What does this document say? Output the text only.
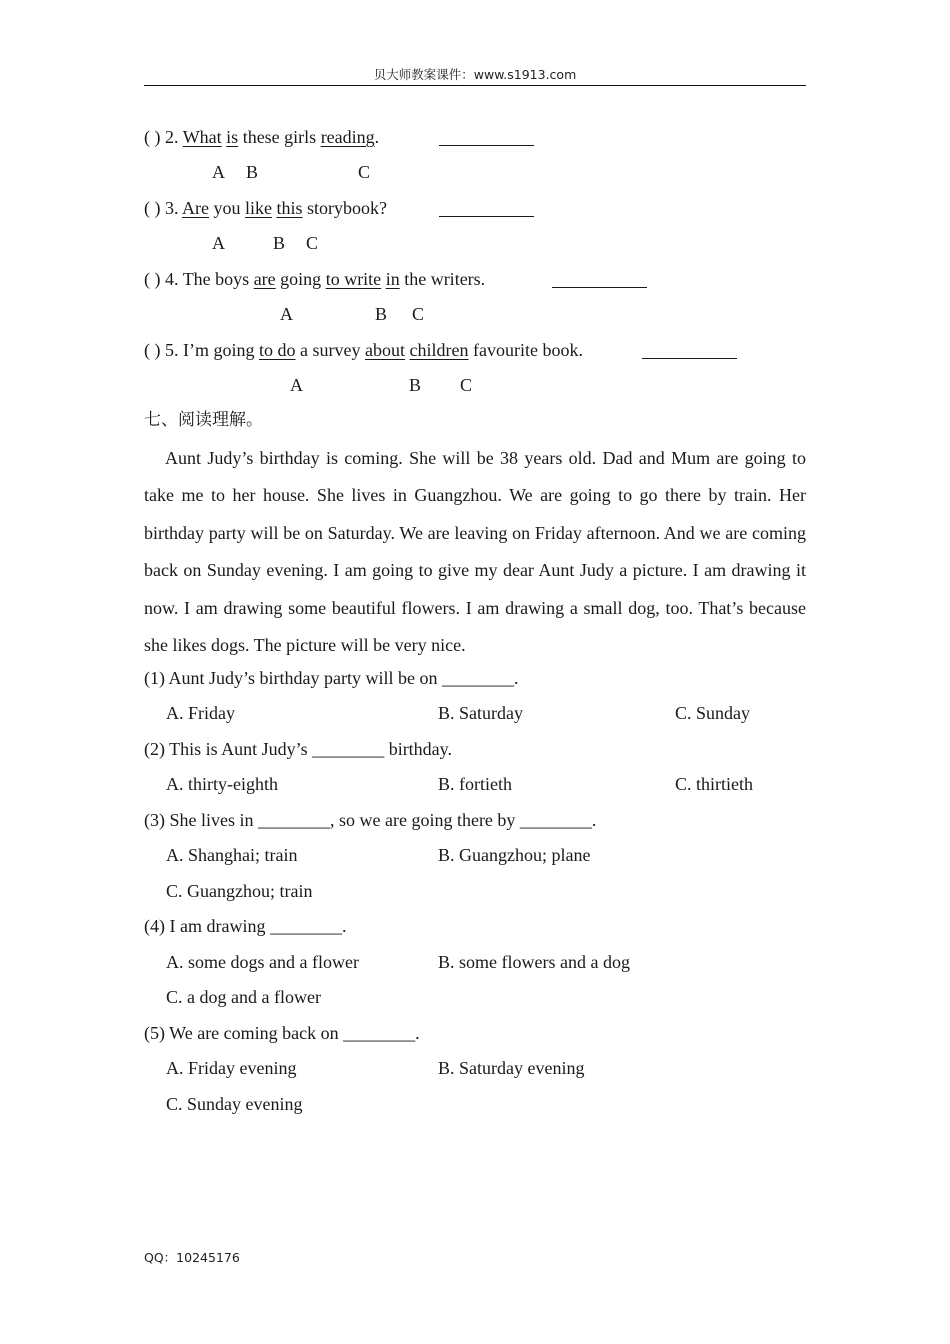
贝大师教案课件：www.s1913.com
( ) 2. What is these girls reading.
A B	C
( ) 3. Are you like this storybook?
A	B C
( ) 4. The boys are going to write in the writers.
A	B C
( ) 5. I’m going to do a survey about children favourite book.
A	B C
七、阅读理解。
Aunt Judy’s birthday is coming. She will be 38 years old. Dad and Mum are going to take me to her house. She lives in Guangzhou. We are going to go there by train. Her birthday party will be on Saturday. We are leaving on Friday afternoon. And we are coming back on Sunday evening. I am going to give my dear Aunt Judy a picture. I am drawing it now. I am drawing some beautiful flowers. I am drawing a small dog, too. That’s because she likes dogs. The picture will be very nice.
(1) Aunt Judy’s birthday party will be on ________.
A. Friday	B. Saturday	C. Sunday
(2) This is Aunt Judy’s ________ birthday.
A. thirty-eighth	B. fortieth	C. thirtieth
(3) She lives in ________, so we are going there by ________.
A. Shanghai; train	B. Guangzhou; plane
C. Guangzhou; train
(4) I am drawing ________.
A. some dogs and a flower	B. some flowers and a dog
C. a dog and a flower
(5) We are coming back on ________.
A. Friday evening	B. Saturday evening
C. Sunday evening
QQ：10245176
